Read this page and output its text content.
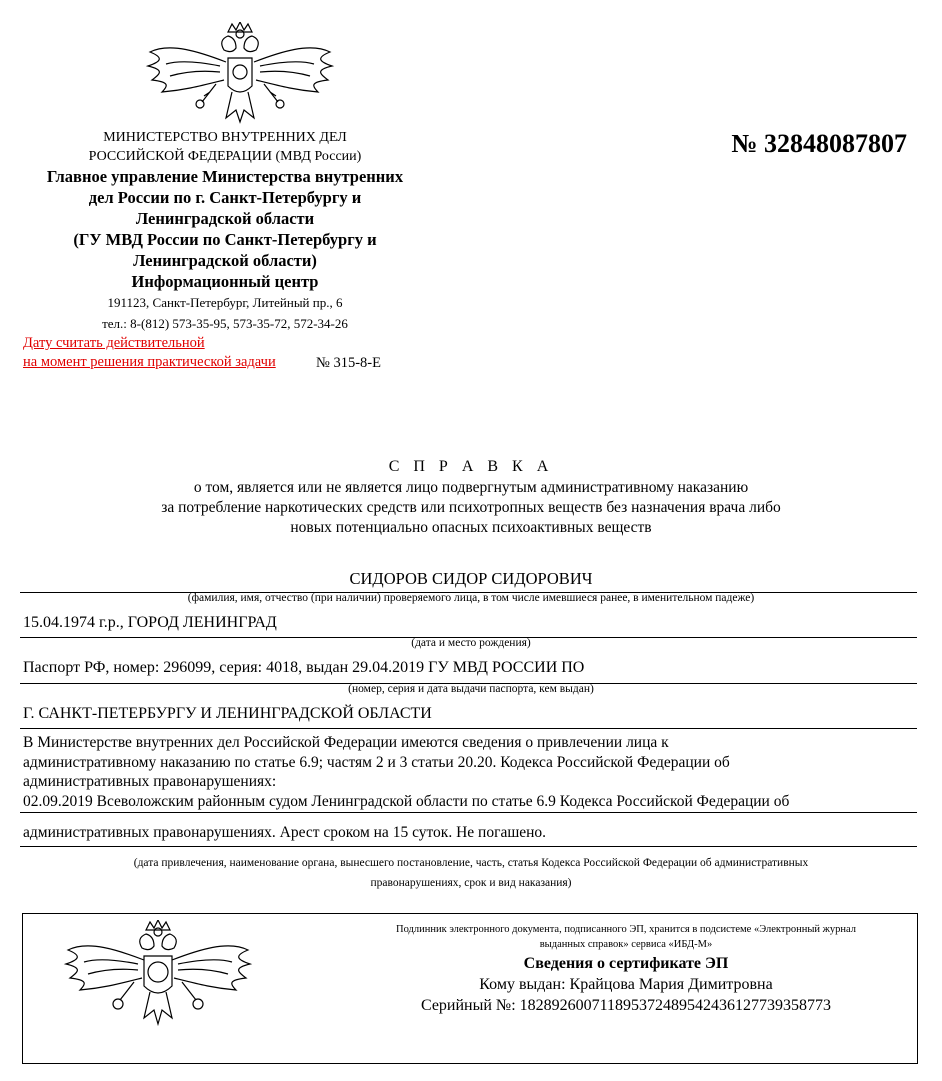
МИНИСТЕРСТВО ВНУТРЕННИХ ДЕЛ
РОССИЙСКОЙ ФЕДЕРАЦИИ (МВД России)
Главное управление Министерства внутренних
дел России по г. Санкт-Петербургу и
Ленинградской области
(ГУ МВД России по Санкт-Петербургу и
Ленинградской области)
Информационный центр
191123, Санкт-Петербург, Литейный пр., 6
тел.: 8-(812) 573-35-95, 573-35-72, 572-34-26
№ 32848087807
Дату считать действительной
на момент решения практической задачи	№ 315-8-Е
С П Р А В К А
о том, является или не является лицо подвергнутым административному наказанию
за потребление наркотических средств или психотропных веществ без назначения врача либо
новых потенциально опасных психоактивных веществ
СИДОРОВ СИДОР СИДОРОВИЧ
(фамилия, имя, отчество (при наличии) проверяемого лица, в том числе имевшиеся ранее, в именительном падеже)
15.04.1974 г.р., ГОРОД ЛЕНИНГРАД
(дата и место рождения)
Паспорт РФ, номер: 296099, серия: 4018, выдан 29.04.2019 ГУ МВД РОССИИ ПО
(номер, серия и дата выдачи паспорта, кем выдан)
Г. САНКТ-ПЕТЕРБУРГУ И ЛЕНИНГРАДСКОЙ ОБЛАСТИ
В Министерстве внутренних дел Российской Федерации имеются сведения о привлечении лица к
административному наказанию по статье 6.9; частям 2 и 3 статьи 20.20. Кодекса Российской Федерации об
административных правонарушениях:
02.09.2019 Всеволожским районным судом Ленинградской области по статье 6.9 Кодекса Российской Федерации об
административных правонарушениях. Арест сроком на 15 суток. Не погашено.
(дата привлечения, наименование органа, вынесшего постановление, часть, статья Кодекса Российской Федерации об административных
правонарушениях, срок и вид наказания)
Подлинник электронного документа, подписанного ЭП, хранится в подсистеме «Электронный журнал
выданных справок» сервиса «ИБД-М»
Сведения о сертификате ЭП
Кому выдан: Крайцова Мария Димитровна
Серийный №: 182892600711895372489542436127739358773
